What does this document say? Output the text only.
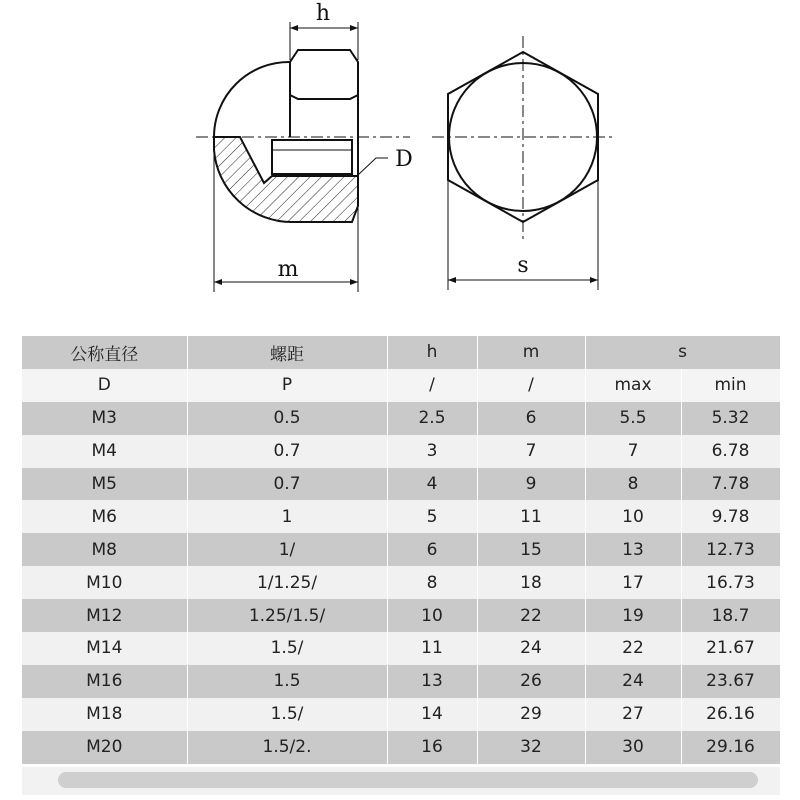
h
m
D
s
公称直径	螺距	h	m	s	
D	P	/	/	max	min
M3	0.5	2.5	6	5.5	5.32
M4	0.7	3	7	7	6.78
M5	0.7	4	9	8	7.78
M6	1	5	11	10	9.78
M8	1/	6	15	13	12.73
M10	1/1.25/	8	18	17	16.73
M12	1.25/1.5/	10	22	19	18.7
M14	1.5/	11	24	22	21.67
M16	1.5	13	26	24	23.67
M18	1.5/	14	29	27	26.16
M20	1.5/2.	16	32	30	29.16
